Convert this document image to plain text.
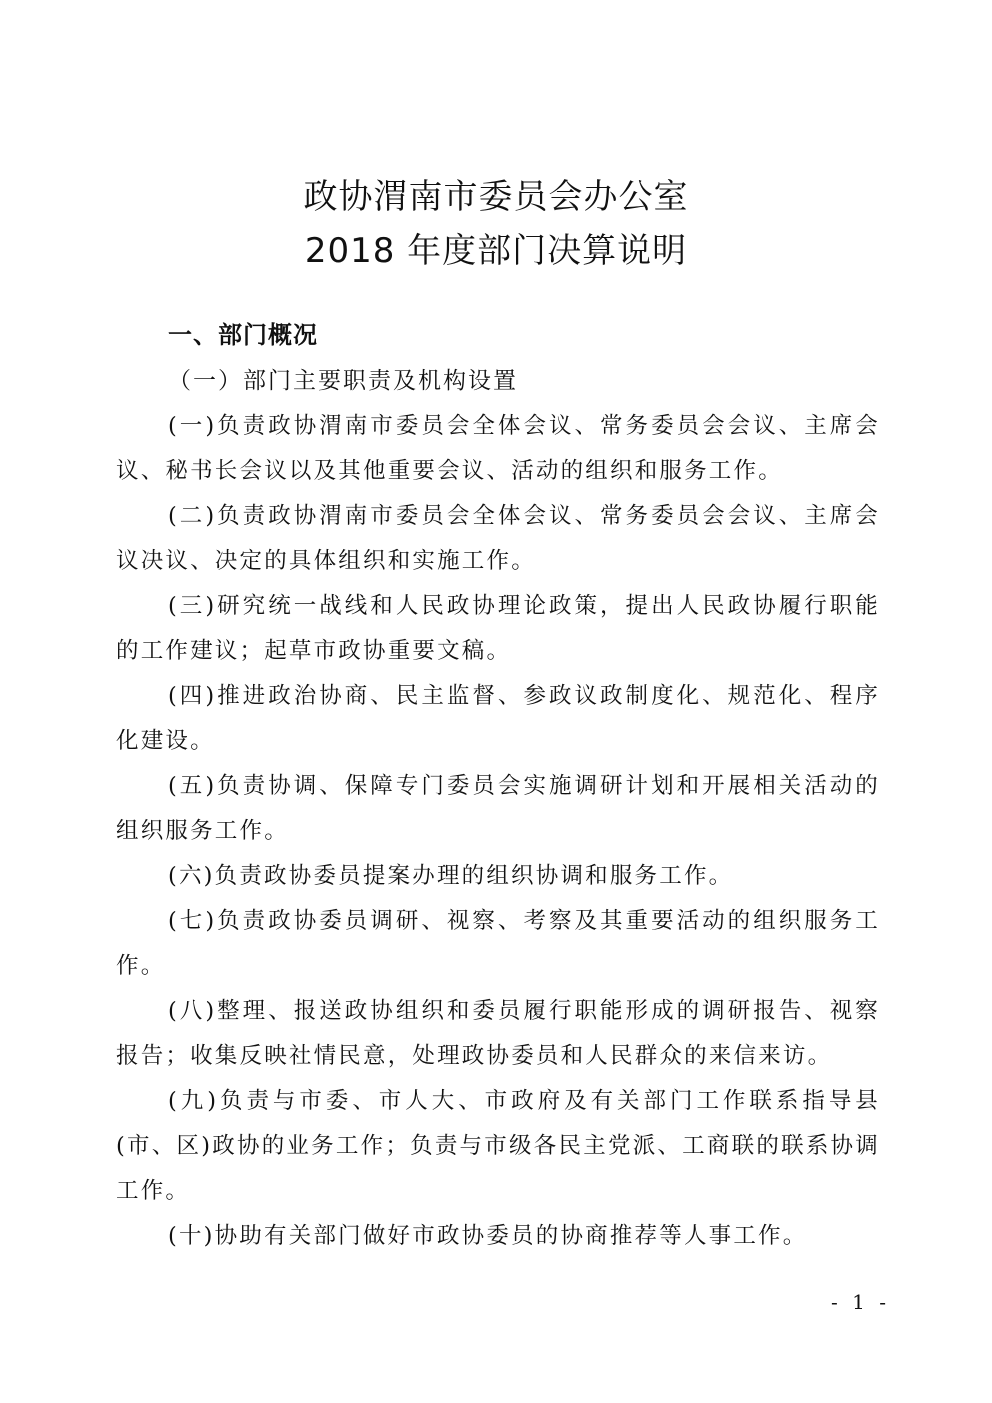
政协渭南市委员会办公室

2018 年度部门决算说明

一、部门概况

（一）部门主要职责及机构设置

(一)负责政协渭南市委员会全体会议、常务委员会会议、主席会议、秘书长会议以及其他重要会议、活动的组织和服务工作。

(二)负责政协渭南市委员会全体会议、常务委员会会议、主席会议决议、决定的具体组织和实施工作。

(三)研究统一战线和人民政协理论政策，提出人民政协履行职能的工作建议；起草市政协重要文稿。

(四)推进政治协商、民主监督、参政议政制度化、规范化、程序化建设。

(五)负责协调、保障专门委员会实施调研计划和开展相关活动的组织服务工作。

(六)负责政协委员提案办理的组织协调和服务工作。

(七)负责政协委员调研、视察、考察及其重要活动的组织服务工作。

(八)整理、报送政协组织和委员履行职能形成的调研报告、视察报告；收集反映社情民意，处理政协委员和人民群众的来信来访。

(九)负责与市委、市人大、市政府及有关部门工作联系指导县(市、区)政协的业务工作；负责与市级各民主党派、工商联的联系协调工作。

(十)协助有关部门做好市政协委员的协商推荐等人事工作。

- 1 -
